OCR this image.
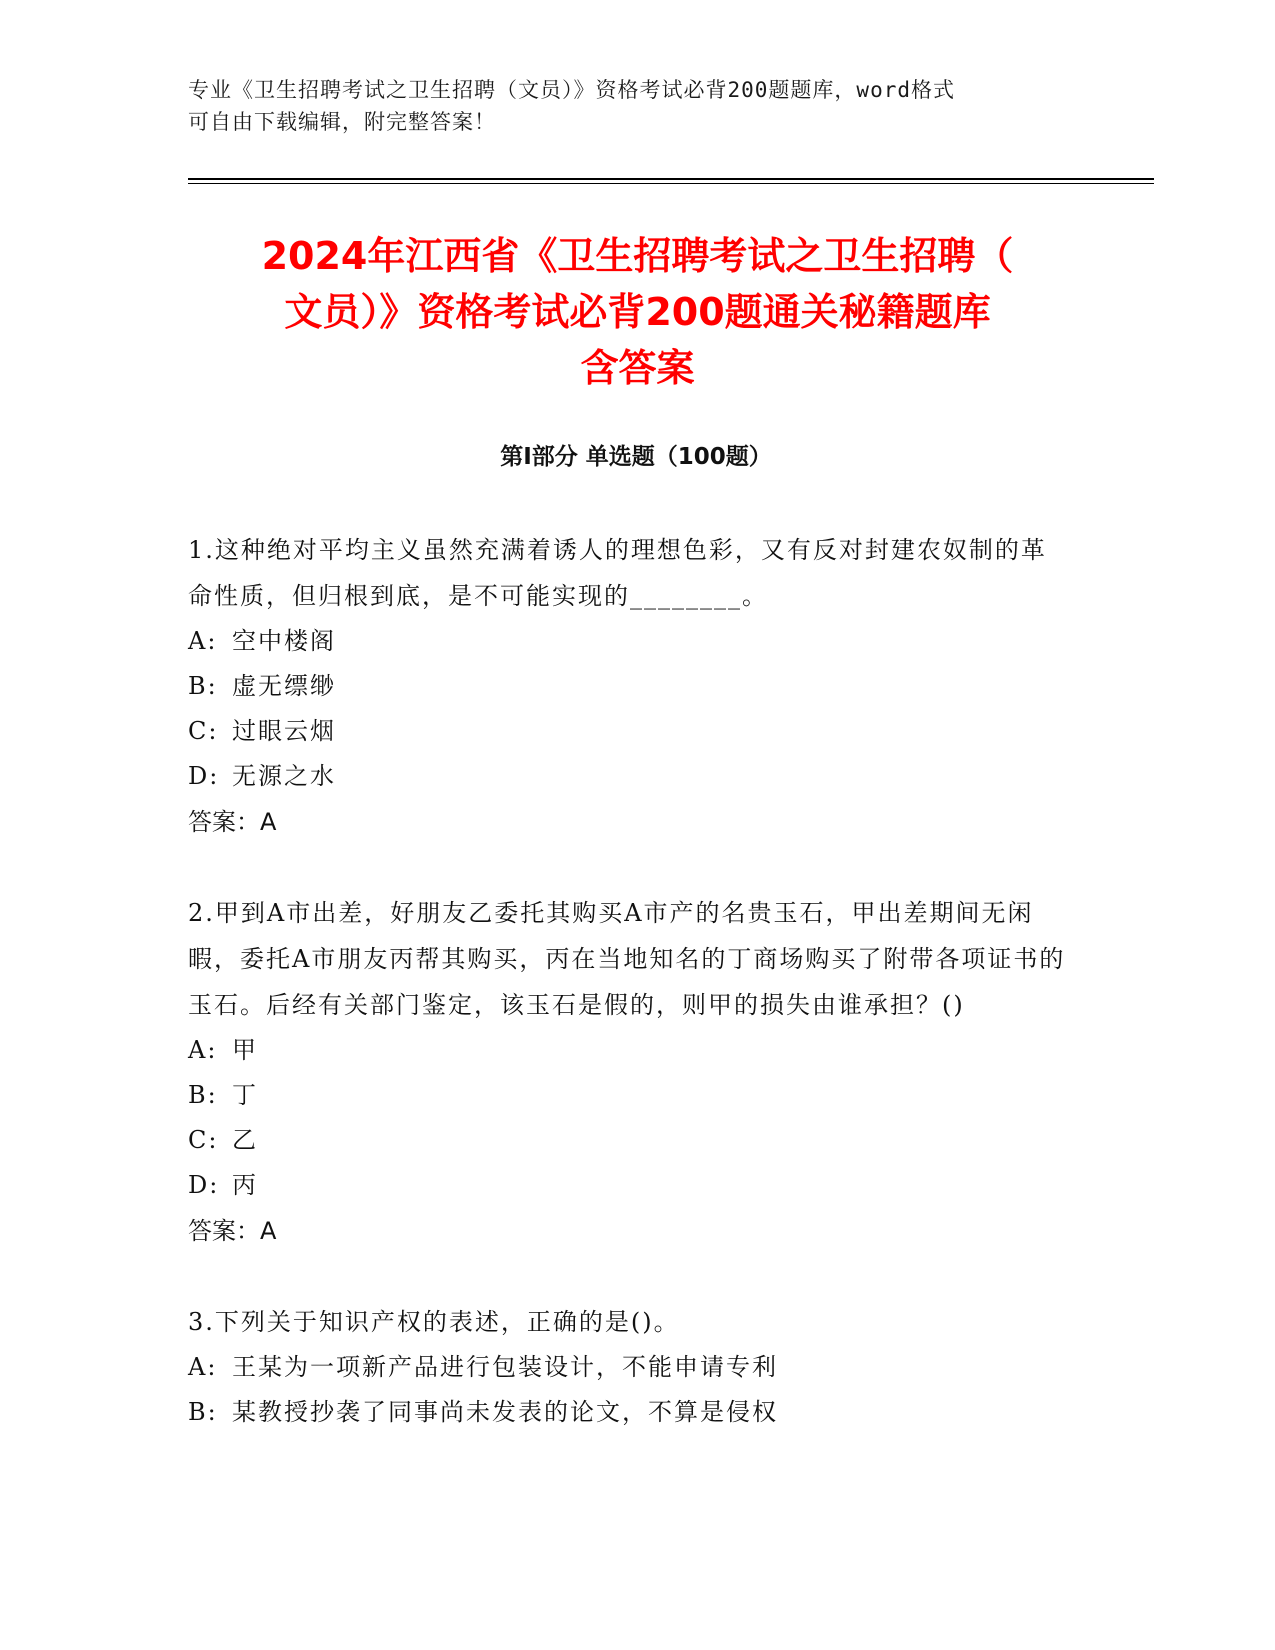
专业《卫生招聘考试之卫生招聘（文员）》资格考试必背200题题库，word格式
可自由下载编辑，附完整答案！
2024年江西省《卫生招聘考试之卫生招聘（
文员）》资格考试必背200题通关秘籍题库
含答案
第Ⅰ部分 单选题（100题）
1.这种绝对平均主义虽然充满着诱人的理想色彩，又有反对封建农奴制的革命性质，但归根到底，是不可能实现的________。
A: 空中楼阁
B: 虚无缥缈
C: 过眼云烟
D: 无源之水
答案：A
2.甲到A市出差，好朋友乙委托其购买A市产的名贵玉石，甲出差期间无闲暇，委托A市朋友丙帮其购买，丙在当地知名的丁商场购买了附带各项证书的玉石。后经有关部门鉴定，该玉石是假的，则甲的损失由谁承担？()
A: 甲
B: 丁
C: 乙
D: 丙
答案：A
3.下列关于知识产权的表述，正确的是()。
A: 王某为一项新产品进行包装设计，不能申请专利
B: 某教授抄袭了同事尚未发表的论文，不算是侵权
